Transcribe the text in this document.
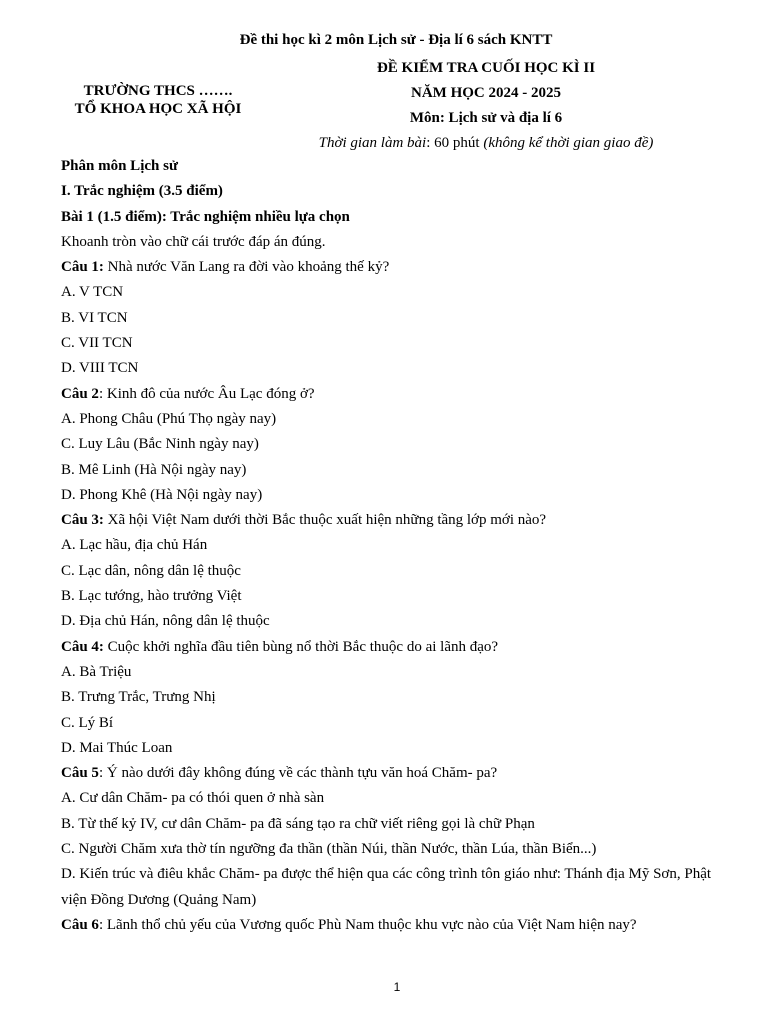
Đề thi học kì 2 môn Lịch sử - Địa lí 6 sách KNTT
TRƯỜNG THCS …….
TỔ KHOA HỌC XÃ HỘI
ĐỀ KIỂM TRA CUỐI HỌC KÌ II
NĂM HỌC 2024 - 2025
Môn: Lịch sử và địa lí 6
Thời gian làm bài: 60 phút (không kể thời gian giao đề)
Phân môn Lịch sử
I. Trắc nghiệm (3.5 điểm)
Bài 1 (1.5 điểm): Trắc nghiệm nhiều lựa chọn
Khoanh tròn vào chữ cái trước đáp án đúng.
Câu 1: Nhà nước Văn Lang ra đời vào khoảng thế kỷ?
A. V TCN
B. VI TCN
C. VII TCN
D. VIII TCN
Câu 2: Kinh đô của nước Âu Lạc đóng ở?
A. Phong Châu (Phú Thọ ngày nay)
C. Luy Lâu (Bắc Ninh ngày nay)
B. Mê Linh (Hà Nội ngày nay)
D. Phong Khê (Hà Nội ngày nay)
Câu 3: Xã hội Việt Nam dưới thời Bắc thuộc xuất hiện những tầng lớp mới nào?
A. Lạc hầu, địa chủ Hán
C. Lạc dân, nông dân lệ thuộc
B. Lạc tướng, hào trưởng Việt
D. Địa chủ Hán, nông dân lệ thuộc
Câu 4: Cuộc khởi nghĩa đầu tiên bùng nổ thời Bắc thuộc do ai lãnh đạo?
A. Bà Triệu
B. Trưng Trắc, Trưng Nhị
C. Lý Bí
D. Mai Thúc Loan
Câu 5: Ý nào dưới đây không đúng về các thành tựu văn hoá Chăm- pa?
A. Cư dân Chăm- pa có thói quen ở nhà sàn
B. Từ thế kỷ IV, cư dân Chăm- pa đã sáng tạo ra chữ viết riêng gọi là chữ Phạn
C. Người Chăm xưa thờ tín ngưỡng đa thần (thần Núi, thần Nước, thần Lúa, thần Biển...)
D. Kiến trúc và điêu khắc Chăm- pa được thể hiện qua các công trình tôn giáo như: Thánh địa Mỹ Sơn, Phật viện Đồng Dương (Quảng Nam)
Câu 6: Lãnh thổ chủ yếu của Vương quốc Phù Nam thuộc khu vực nào của Việt Nam hiện nay?
1
